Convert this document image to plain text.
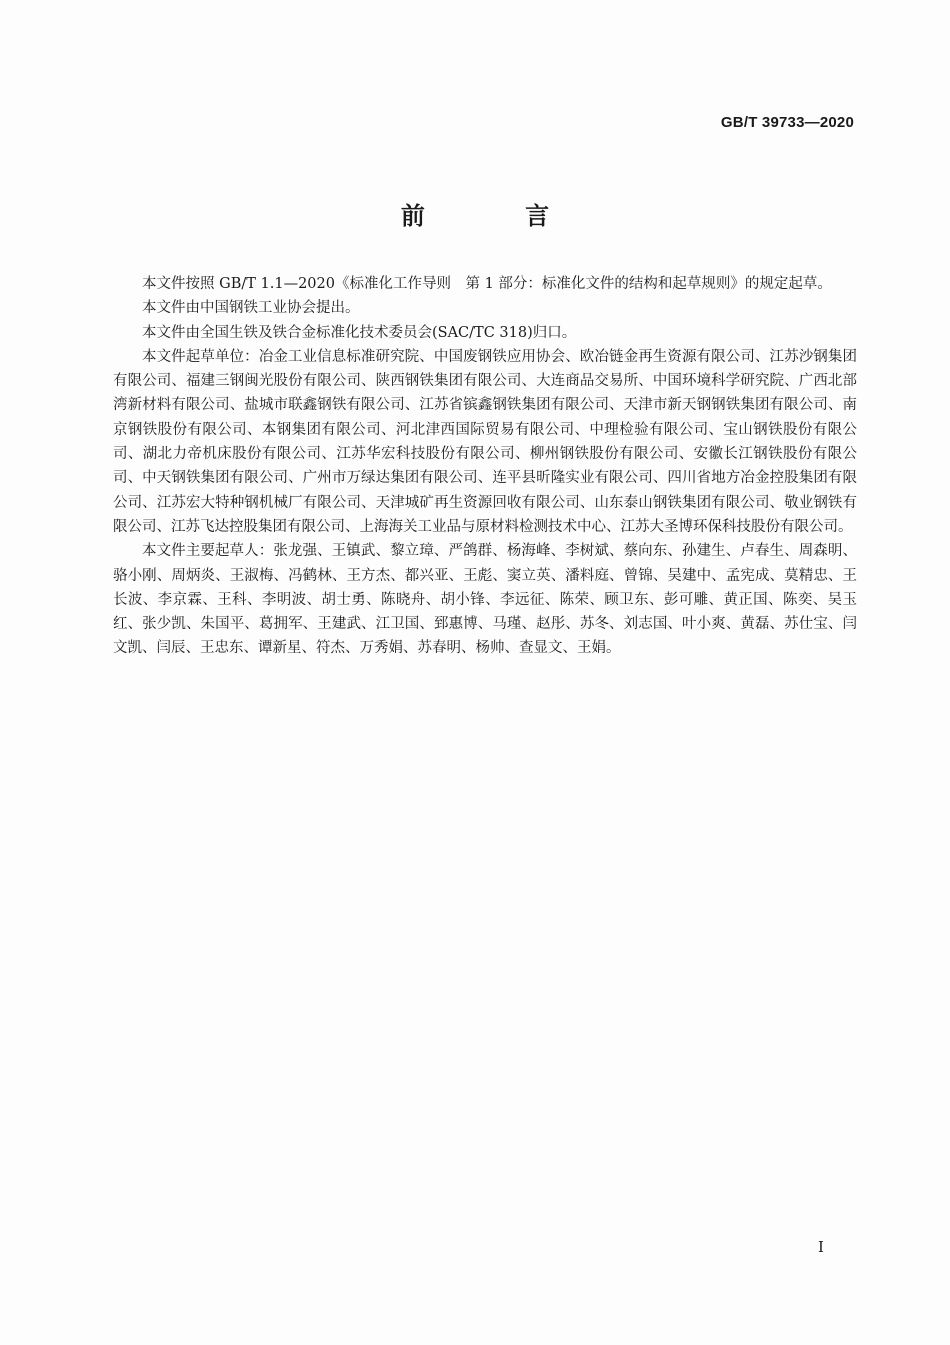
GB/T 39733—2020
前 言

本文件按照 GB/T 1.1—2020《标准化工作导则　第 1 部分：标准化文件的结构和起草规则》的规定起草。

本文件由中国钢铁工业协会提出。

本文件由全国生铁及铁合金标准化技术委员会(SAC/TC 318)归口。

本文件起草单位：冶金工业信息标准研究院、中国废钢铁应用协会、欧冶链金再生资源有限公司、江苏沙钢集团有限公司、福建三钢闽光股份有限公司、陕西钢铁集团有限公司、大连商品交易所、中国环境科学研究院、广西北部湾新材料有限公司、盐城市联鑫钢铁有限公司、江苏省镔鑫钢铁集团有限公司、天津市新天钢钢铁集团有限公司、南京钢铁股份有限公司、本钢集团有限公司、河北津西国际贸易有限公司、中理检验有限公司、宝山钢铁股份有限公司、湖北力帝机床股份有限公司、江苏华宏科技股份有限公司、柳州钢铁股份有限公司、安徽长江钢铁股份有限公司、中天钢铁集团有限公司、广州市万绿达集团有限公司、连平县昕隆实业有限公司、四川省地方冶金控股集团有限公司、江苏宏大特种钢机械厂有限公司、天津城矿再生资源回收有限公司、山东泰山钢铁集团有限公司、敬业钢铁有限公司、江苏飞达控股集团有限公司、上海海关工业品与原材料检测技术中心、江苏大圣博环保科技股份有限公司。

本文件主要起草人：张龙强、王镇武、黎立璋、严鸽群、杨海峰、李树斌、蔡向东、孙建生、卢春生、周森明、骆小刚、周炳炎、王淑梅、冯鹤林、王方杰、都兴亚、王彪、窦立英、潘料庭、曾锦、吴建中、孟宪成、莫精忠、王长波、李京霖、王科、李明波、胡士勇、陈晓舟、胡小锋、李远征、陈荣、顾卫东、彭可雕、黄正国、陈奕、吴玉红、张少凯、朱国平、葛拥军、王建武、江卫国、郅惠博、马瑾、赵彤、苏冬、刘志国、叶小爽、黄磊、苏仕宝、闫文凯、闫辰、王忠东、谭新星、符杰、万秀娟、苏春明、杨帅、查显文、王娟。

I
